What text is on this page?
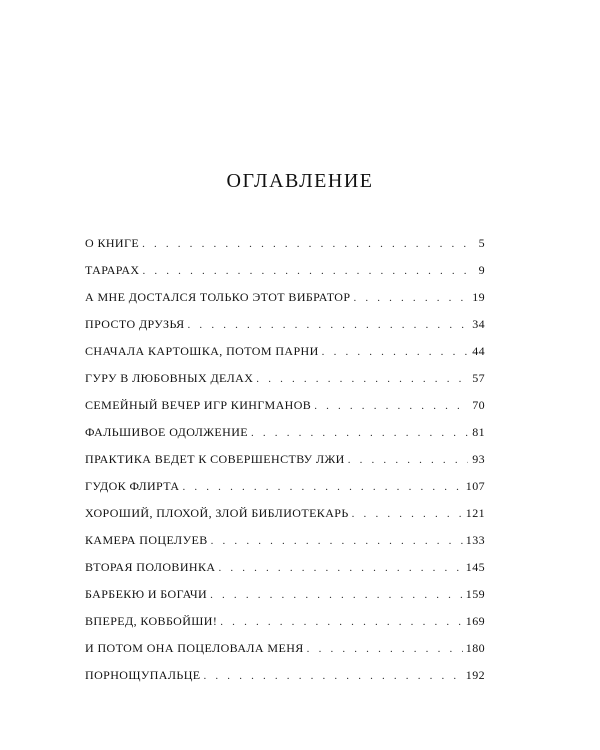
ОГЛАВЛЕНИЕ
О КНИГЕ . . .	5
ТАРАРАХ . . .	9
А МНЕ ДОСТАЛСЯ ТОЛЬКО ЭТОТ ВИБРАТОР . . .	19
ПРОСТО ДРУЗЬЯ . . .	34
СНАЧАЛА КАРТОШКА, ПОТОМ ПАРНИ . . .	44
ГУРУ В ЛЮБОВНЫХ ДЕЛАХ . . .	57
СЕМЕЙНЫЙ ВЕЧЕР ИГР КИНГМАНОВ . . .	70
ФАЛЬШИВОЕ ОДОЛЖЕНИЕ . . .	81
ПРАКТИКА ВЕДЕТ К СОВЕРШЕНСТВУ ЛЖИ . . .	93
ГУДОК ФЛИРТА . . .	107
ХОРОШИЙ, ПЛОХОЙ, ЗЛОЙ БИБЛИОТЕКАРЬ . . .	121
КАМЕРА ПОЦЕЛУЕВ . . .	133
ВТОРАЯ ПОЛОВИНКА . . .	145
БАРБЕКЮ И БОГАЧИ . . .	159
ВПЕРЕД, КОВБОЙШИ! . . .	169
И ПОТОМ ОНА ПОЦЕЛОВАЛА МЕНЯ . . .	180
ПОРНОЩУПАЛЬЦЕ . . .	192
